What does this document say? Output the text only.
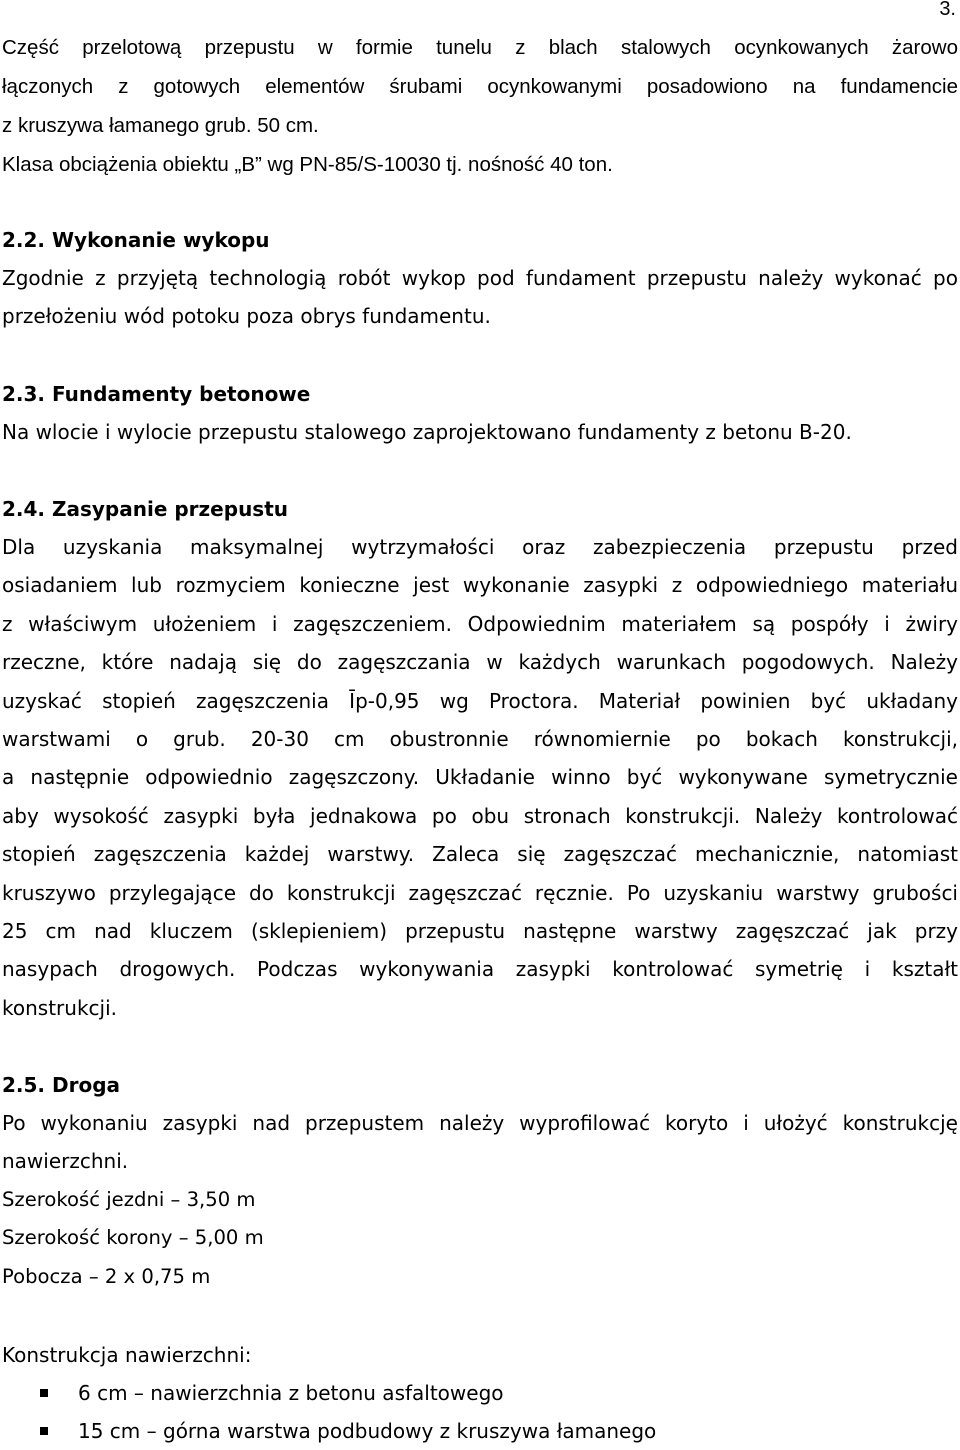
3.

Część przelotową przepustu w formie tunelu z blach stalowych ocynkowanych żarowo
łączonych z gotowych elementów śrubami ocynkowanymi posadowiono na fundamencie
z kruszywa łamanego grub. 50 cm.
Klasa obciążenia obiektu „B” wg PN-85/S-10030 tj. nośność 40 ton.

2.2. Wykonanie wykopu

Zgodnie z przyjętą technologią robót wykop pod fundament przepustu należy wykonać po
przełożeniu wód potoku poza obrys fundamentu.

2.3. Fundamenty betonowe

Na wlocie i wylocie przepustu stalowego zaprojektowano fundamenty z betonu B-20.

2.4. Zasypanie przepustu

Dla uzyskania maksymalnej wytrzymałości oraz zabezpieczenia przepustu przed
osiadaniem lub rozmyciem konieczne jest wykonanie zasypki z odpowiedniego materiału
z właściwym ułożeniem i zagęszczeniem. Odpowiednim materiałem są pospóły i żwiry
rzeczne, które nadają się do zagęszczania w każdych warunkach pogodowych. Należy
uzyskać stopień zagęszczenia Īp-0,95 wg Proctora. Materiał powinien być układany
warstwami o grub. 20-30 cm obustronnie równomiernie po bokach konstrukcji,
a następnie odpowiednio zagęszczony. Układanie winno być wykonywane symetrycznie
aby wysokość zasypki była jednakowa po obu stronach konstrukcji. Należy kontrolować
stopień zagęszczenia każdej warstwy. Zaleca się zagęszczać mechanicznie, natomiast
kruszywo przylegające do konstrukcji zagęszczać ręcznie. Po uzyskaniu warstwy grubości
25 cm nad kluczem (sklepieniem) przepustu następne warstwy zagęszczać jak przy
nasypach drogowych. Podczas wykonywania zasypki kontrolować symetrię i kształt
konstrukcji.

2.5. Droga

Po wykonaniu zasypki nad przepustem należy wyprofilować koryto i ułożyć konstrukcję
nawierzchni.
Szerokość jezdni – 3,50 m
Szerokość korony – 5,00 m
Pobocza – 2 x 0,75 m

Konstrukcja nawierzchni:
6 cm – nawierzchnia z betonu asfaltowego
15 cm – górna warstwa podbudowy z kruszywa łamanego
